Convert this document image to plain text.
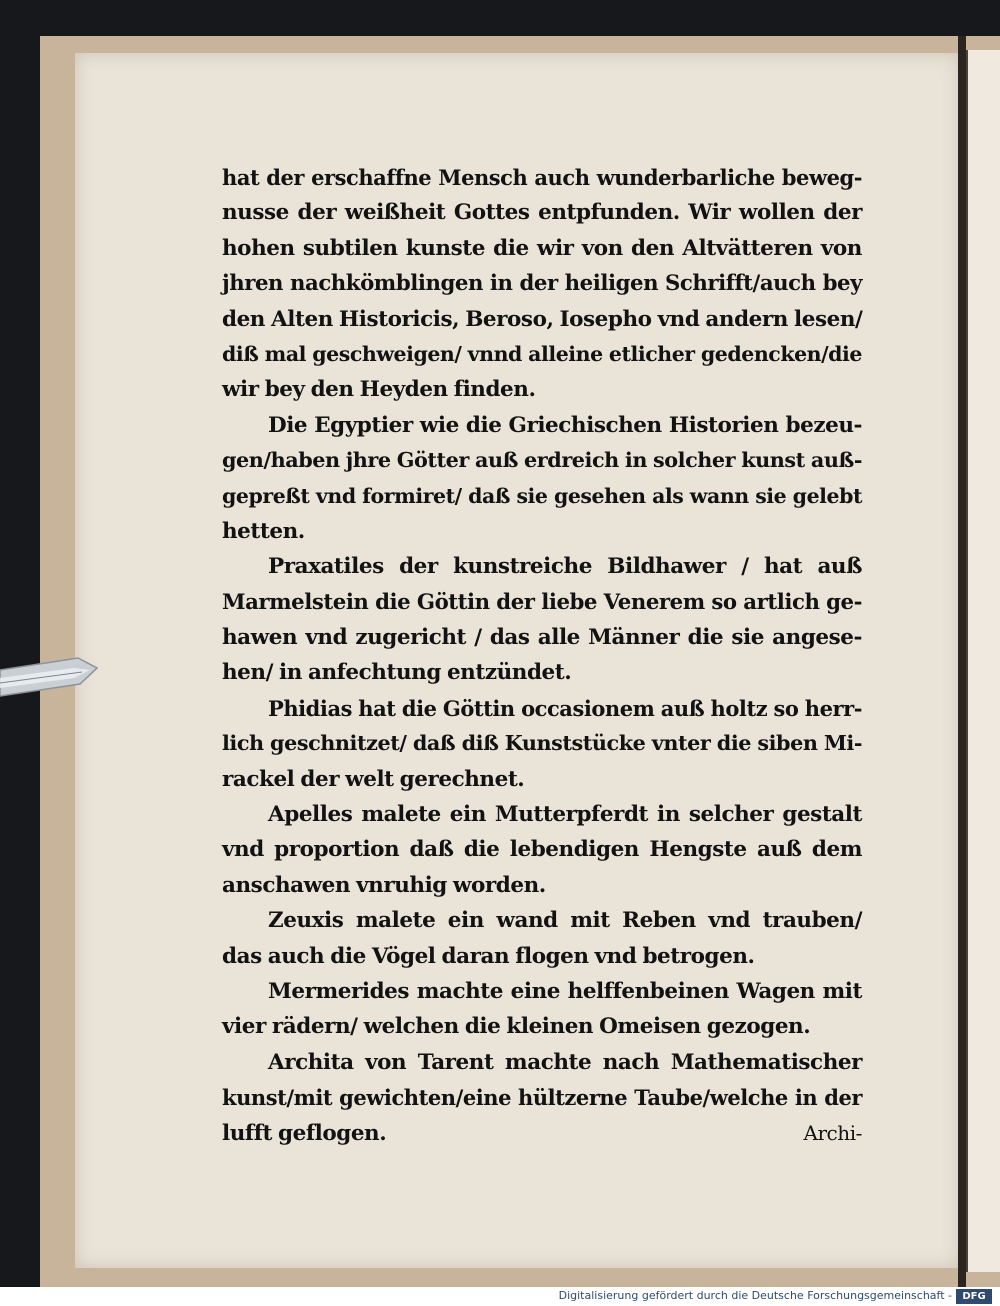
hat der erschaffne Mensch auch wunderbarliche beweg-
nusse der weißheit Gottes entpfunden. Wir wollen der
hohen subtilen kunste die wir von den Altvätteren von
jhren nachkömblingen in der heiligen Schrifft/auch bey
den Alten Historicis, Beroso, Iosepho vnd andern lesen/
diß mal geschweigen/ vnnd alleine etlicher gedencken/die
wir bey den Heyden finden.
Die Egyptier wie die Griechischen Historien bezeu-
gen/haben jhre Götter auß erdreich in solcher kunst auß-
gepreßt vnd formiret/ daß sie gesehen als wann sie gelebt
hetten.
Praxatiles der kunstreiche Bildhawer / hat auß
Marmelstein die Göttin der liebe Venerem so artlich ge-
hawen vnd zugericht / das alle Männer die sie angese-
hen/ in anfechtung entzündet.
Phidias hat die Göttin occasionem auß holtz so herr-
lich geschnitzet/ daß diß Kunststücke vnter die siben Mi-
rackel der welt gerechnet.
Apelles malete ein Mutterpferdt in selcher gestalt
vnd proportion daß die lebendigen Hengste auß dem
anschawen vnruhig worden.
Zeuxis malete ein wand mit Reben vnd trauben/
das auch die Vögel daran flogen vnd betrogen.
Mermerides machte eine helffenbeinen Wagen mit
vier rädern/ welchen die kleinen Omeisen gezogen.
Archita von Tarent machte nach Mathematischer
kunst/mit gewichten/eine hültzerne Taube/welche in der
lufft geflogen.	Archi-
Digitalisierung gefördert durch die Deutsche Forschungsgemeinschaft -	DFG
